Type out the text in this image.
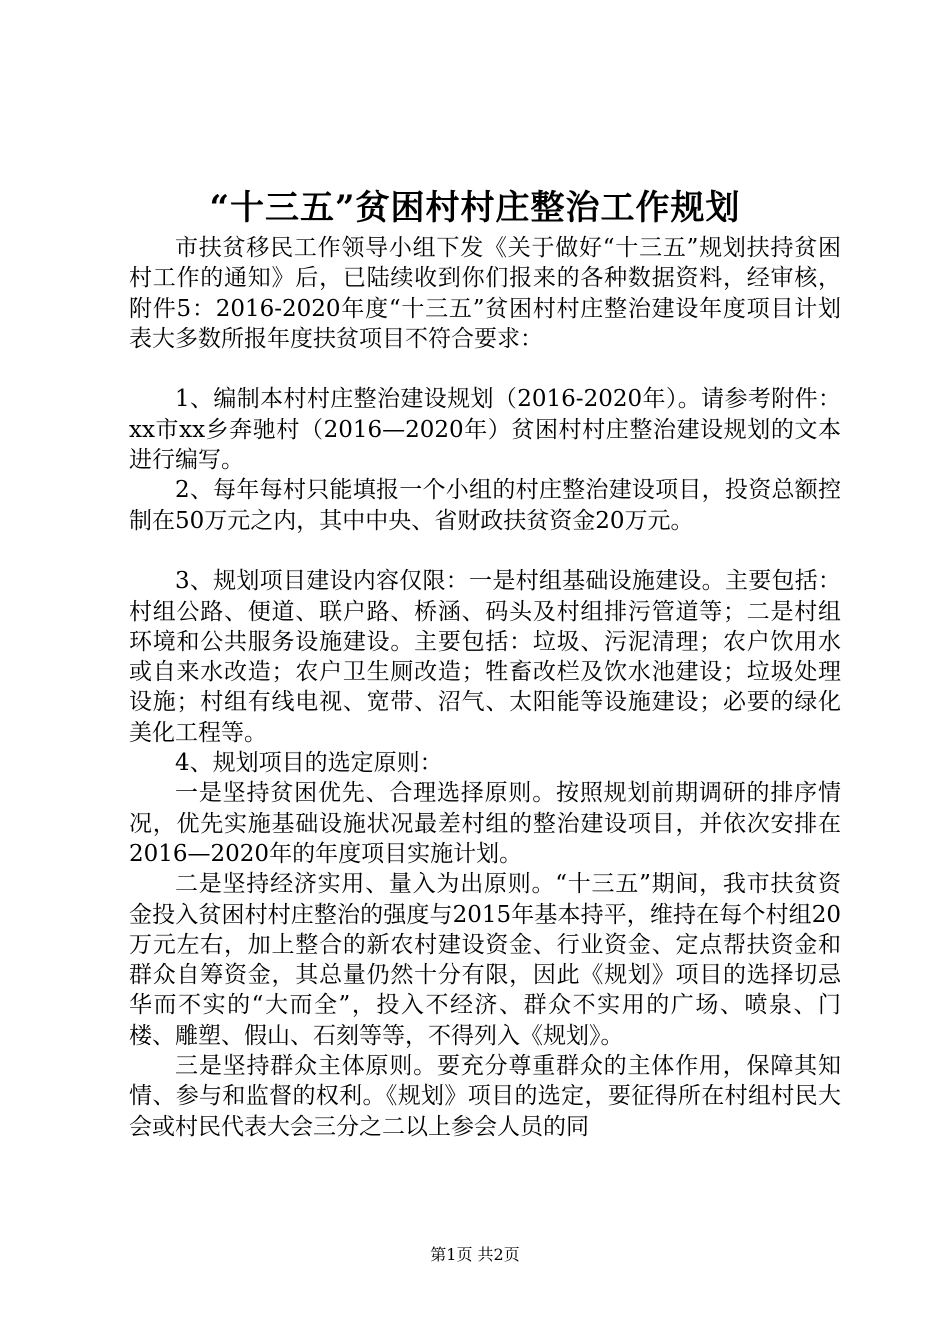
“十三五”贫困村村庄整治工作规划

市扶贫移民工作领导小组下发《关于做好“十三五”规划扶持贫困村工作的通知》后，已陆续收到你们报来的各种数据资料，经审核，附件5：2016-2020年度“十三五”贫困村村庄整治建设年度项目计划表大多数所报年度扶贫项目不符合要求：

1、编制本村村庄整治建设规划（2016-2020年）。请参考附件：xx市xx乡奔驰村（2016—2020年）贫困村村庄整治建设规划的文本进行编写。

2、每年每村只能填报一个小组的村庄整治建设项目，投资总额控制在50万元之内，其中中央、省财政扶贫资金20万元。

3、规划项目建设内容仅限：一是村组基础设施建设。主要包括：村组公路、便道、联户路、桥涵、码头及村组排污管道等；二是村组环境和公共服务设施建设。主要包括：垃圾、污泥清理；农户饮用水或自来水改造；农户卫生厕改造；牲畜改栏及饮水池建设；垃圾处理设施；村组有线电视、宽带、沼气、太阳能等设施建设；必要的绿化美化工程等。

4、规划项目的选定原则：

一是坚持贫困优先、合理选择原则。按照规划前期调研的排序情况，优先实施基础设施状况最差村组的整治建设项目，并依次安排在2016—2020年的年度项目实施计划。

二是坚持经济实用、量入为出原则。“十三五”期间，我市扶贫资金投入贫困村村庄整治的强度与2015年基本持平，维持在每个村组20万元左右，加上整合的新农村建设资金、行业资金、定点帮扶资金和群众自筹资金，其总量仍然十分有限，因此《规划》项目的选择切忌华而不实的“大而全”，投入不经济、群众不实用的广场、喷泉、门楼、雕塑、假山、石刻等等，不得列入《规划》。

三是坚持群众主体原则。要充分尊重群众的主体作用，保障其知情、参与和监督的权利。《规划》项目的选定，要征得所在村组村民大会或村民代表大会三分之二以上参会人员的同

第1页 共2页
